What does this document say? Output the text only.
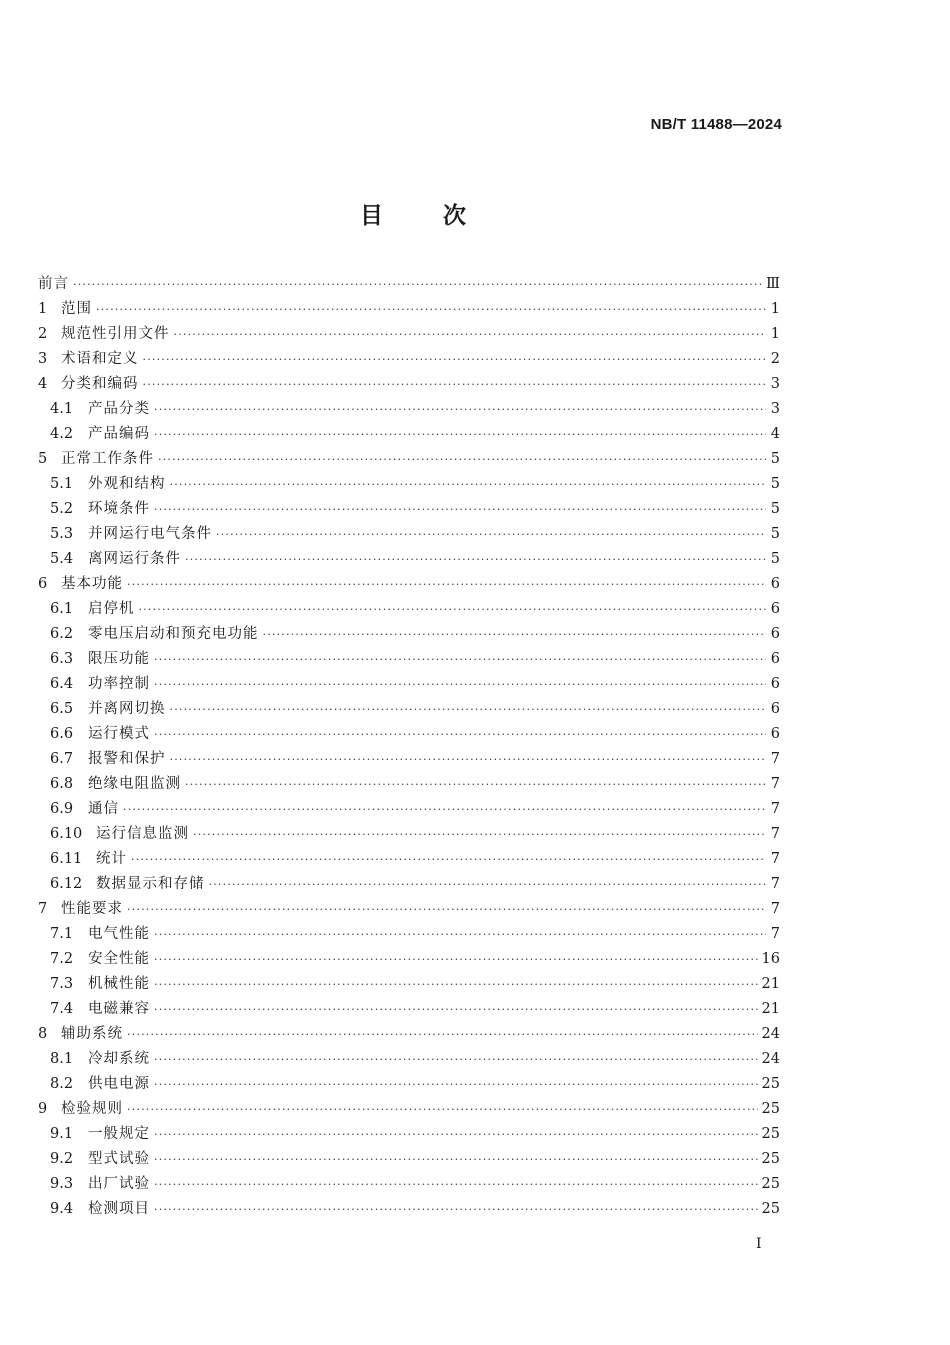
NB/T 11488—2024
目 次
前言 ·····	Ⅲ
1 范围 ·····	1
2 规范性引用文件 ·····	1
3 术语和定义 ·····	2
4 分类和编码 ·····	3
4.1	产品分类 ·····	3
4.2	产品编码 ·····	4
5 正常工作条件 ·····	5
5.1	外观和结构 ·····	5
5.2	环境条件 ·····	5
5.3	并网运行电气条件 ·····	5
5.4	离网运行条件 ·····	5
6 基本功能 ·····	6
6.1	启停机 ·····	6
6.2	零电压启动和预充电功能 ·····	6
6.3	限压功能 ·····	6
6.4	功率控制 ·····	6
6.5	并离网切换 ·····	6
6.6	运行模式 ·····	6
6.7	报警和保护 ·····	7
6.8	绝缘电阻监测 ·····	7
6.9	通信 ·····	7
6.10 运行信息监测 ·····	7
6.11 统计 ·····	7
6.12 数据显示和存储 ·····	7
7 性能要求 ·····	7
7.1	电气性能 ·····	7
7.2	安全性能 ·····	16
7.3	机械性能 ·····	21
7.4	电磁兼容 ·····	21
8 辅助系统 ·····	24
8.1	冷却系统 ·····	24
8.2	供电电源 ·····	25
9 检验规则 ·····	25
9.1	一般规定 ·····	25
9.2	型式试验 ·····	25
9.3	出厂试验 ·····	25
9.4	检测项目 ·····	25
Ⅰ
